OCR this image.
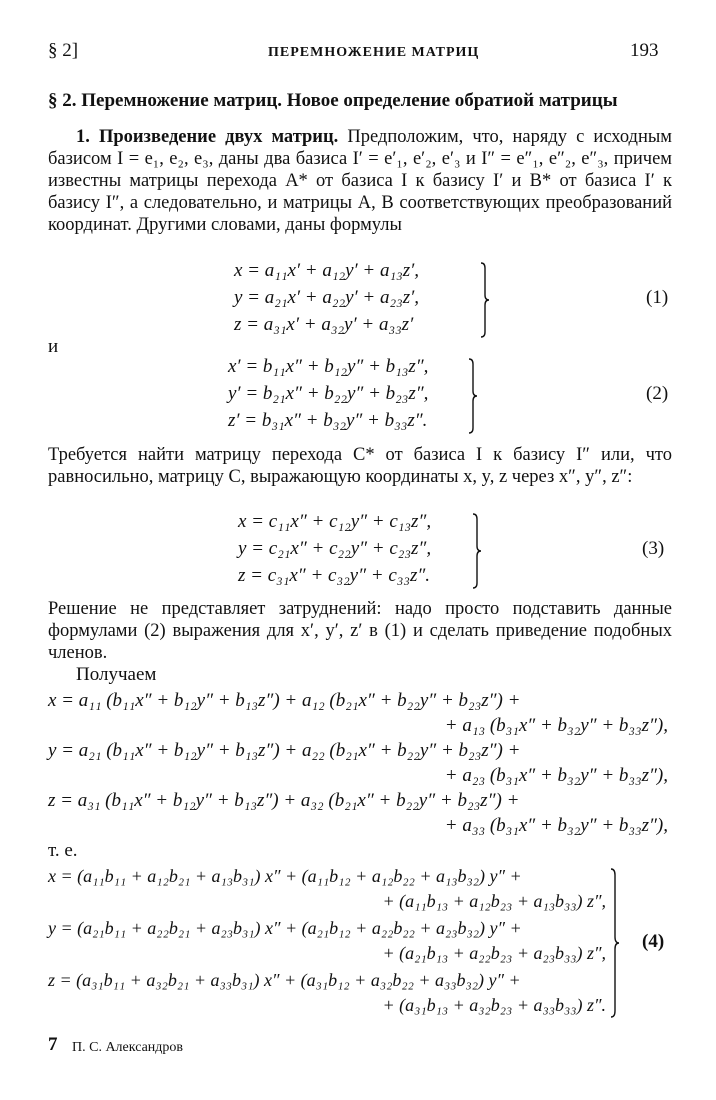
§ 2]	ПЕРЕМНОЖЕНИЕ МАТРИЦ	193
§ 2. Перемножение матриц. Новое определение обратиой матрицы
1. Произведение двух матриц. Предположим, что, наряду с исходным базисом I = e₁, e₂, e₃, даны два базиса I′ = e′₁, e′₂, e′₃ и I″ = e″₁, e″₂, e″₃, причем известны матрицы перехода A* от базиса I к базису I′ и B* от базиса I′ к базису I″, а следовательно, и матрицы A, B соответствующих преобразований координат. Другими словами, даны формулы
x = a₁₁x′ + a₁₂y′ + a₁₃z′,
y = a₂₁x′ + a₂₂y′ + a₂₃z′,
z = a₃₁x′ + a₃₂y′ + a₃₃z′
(1)
и
x′ = b₁₁x″ + b₁₂y″ + b₁₃z″,
y′ = b₂₁x″ + b₂₂y″ + b₂₃z″,
z′ = b₃₁x″ + b₃₂y″ + b₃₃z″.
(2)
Требуется найти матрицу перехода C* от базиса I к базису I″ или, что равносильно, матрицу C, выражающую координаты x, y, z через x″, y″, z″:
x = c₁₁x″ + c₁₂y″ + c₁₃z″,
y = c₂₁x″ + c₂₂y″ + c₂₃z″,
z = c₃₁x″ + c₃₂y″ + c₃₃z″.
(3)
Решение не представляет затруднений: надо просто подставить данные формулами (2) выражения для x′, y′, z′ в (1) и сделать приведение подобных членов.
Получаем
x = a₁₁ (b₁₁x″ + b₁₂y″ + b₁₃z″) + a₁₂ (b₂₁x″ + b₂₂y″ + b₂₃z″) +
+ a₁₃ (b₃₁x″ + b₃₂y″ + b₃₃z″),
y = a₂₁ (b₁₁x″ + b₁₂y″ + b₁₃z″) + a₂₂ (b₂₁x″ + b₂₂y″ + b₂₃z″) +
+ a₂₃ (b₃₁x″ + b₃₂y″ + b₃₃z″),
z = a₃₁ (b₁₁x″ + b₁₂y″ + b₁₃z″) + a₃₂ (b₂₁x″ + b₂₂y″ + b₂₃z″) +
+ a₃₃ (b₃₁x″ + b₃₂y″ + b₃₃z″),
т. е.
x = (a₁₁b₁₁ + a₁₂b₂₁ + a₁₃b₃₁) x″ + (a₁₁b₁₂ + a₁₂b₂₂ + a₁₃b₃₂) y″ +
+ (a₁₁b₁₃ + a₁₂b₂₃ + a₁₃b₃₃) z″,
y = (a₂₁b₁₁ + a₂₂b₂₁ + a₂₃b₃₁) x″ + (a₂₁b₁₂ + a₂₂b₂₂ + a₂₃b₃₂) y″ +
+ (a₂₁b₁₃ + a₂₂b₂₃ + a₂₃b₃₃) z″,
z = (a₃₁b₁₁ + a₃₂b₂₁ + a₃₃b₃₁) x″ + (a₃₁b₁₂ + a₃₂b₂₂ + a₃₃b₃₂) y″ +
+ (a₃₁b₁₃ + a₃₂b₂₃ + a₃₃b₃₃) z″.
(4)
7 П. С. Александров
